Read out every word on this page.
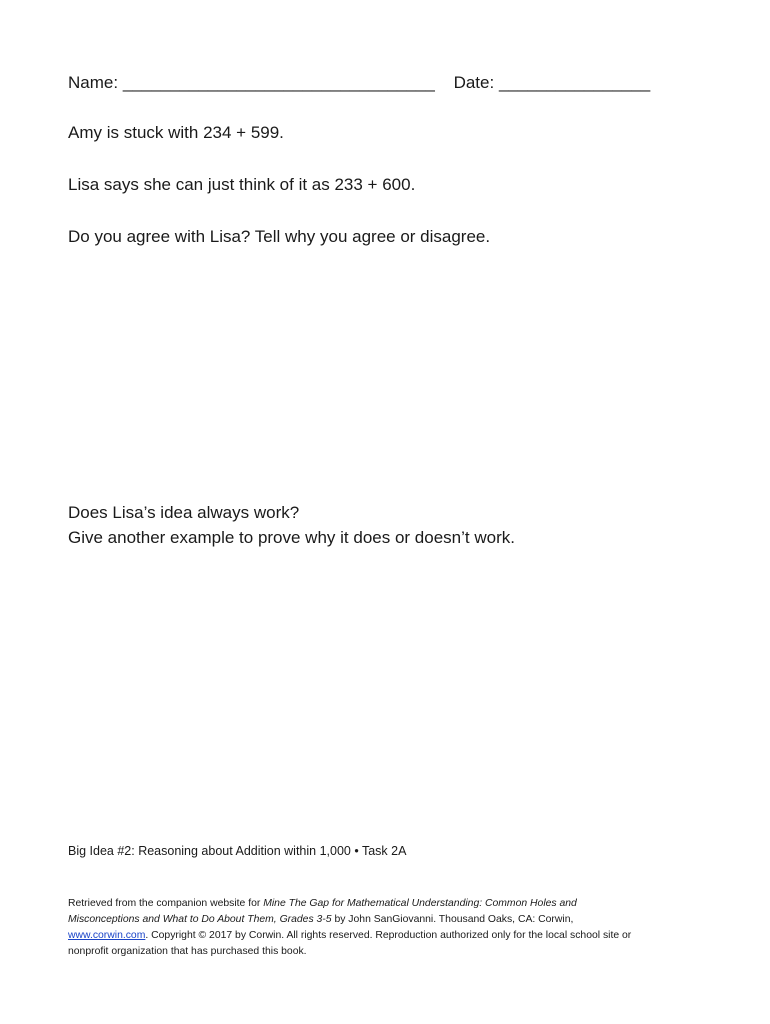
Name: _________________________________ Date: ________________
Amy is stuck with 234 + 599.
Lisa says she can just think of it as 233 + 600.
Do you agree with Lisa? Tell why you agree or disagree.
Does Lisa’s idea always work?
Give another example to prove why it does or doesn’t work.
Big Idea #2: Reasoning about Addition within 1,000 • Task 2A
Retrieved from the companion website for Mine The Gap for Mathematical Understanding: Common Holes and
Misconceptions and What to Do About Them, Grades 3-5 by John SanGiovanni. Thousand Oaks, CA: Corwin,
www.corwin.com. Copyright © 2017 by Corwin. All rights reserved. Reproduction authorized only for the local school site or
nonprofit organization that has purchased this book.
